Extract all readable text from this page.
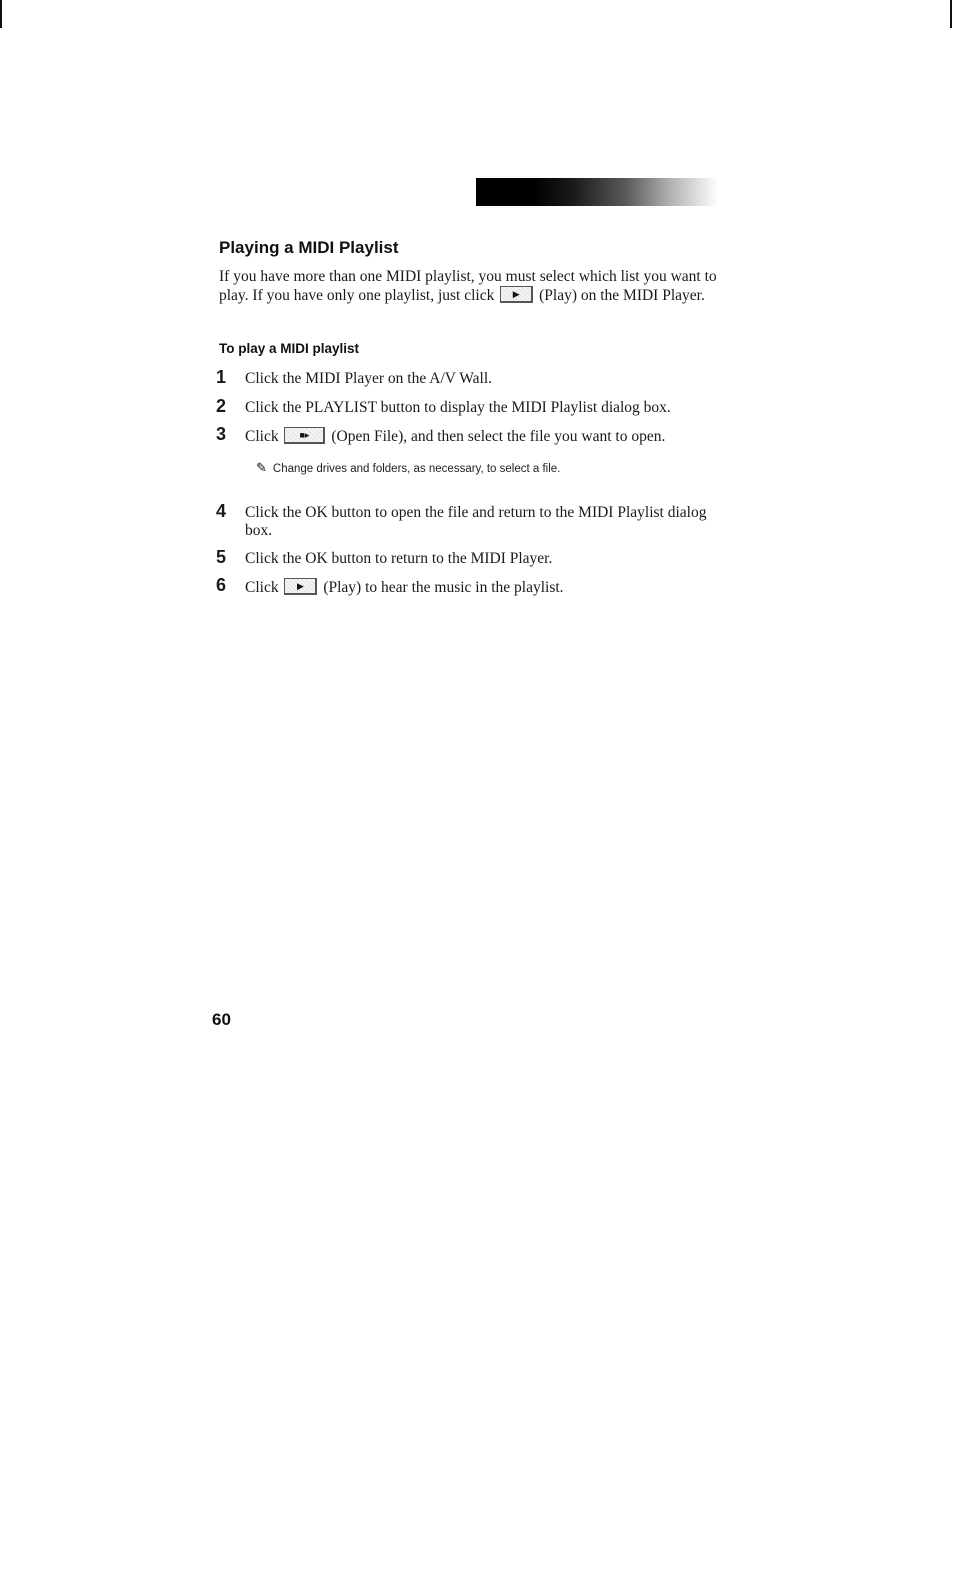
Playing a MIDI Playlist

If you have more than one MIDI playlist, you must select which list you want to play. If you have only one playlist, just click	▶	(Play) on the MIDI Player.

To play a MIDI playlist
1 Click the MIDI Player on the A/V Wall.
2 Click the PLAYLIST button to display the MIDI Playlist dialog box.
3 Click	■▸	(Open File), and then select the file you want to open.
✎ Change drives and folders, as necessary, to select a file.
4 Click the OK button to open the file and return to the MIDI Playlist dialog box.
5 Click the OK button to return to the MIDI Player.
6 Click	▶	(Play) to hear the music in the playlist.
60
